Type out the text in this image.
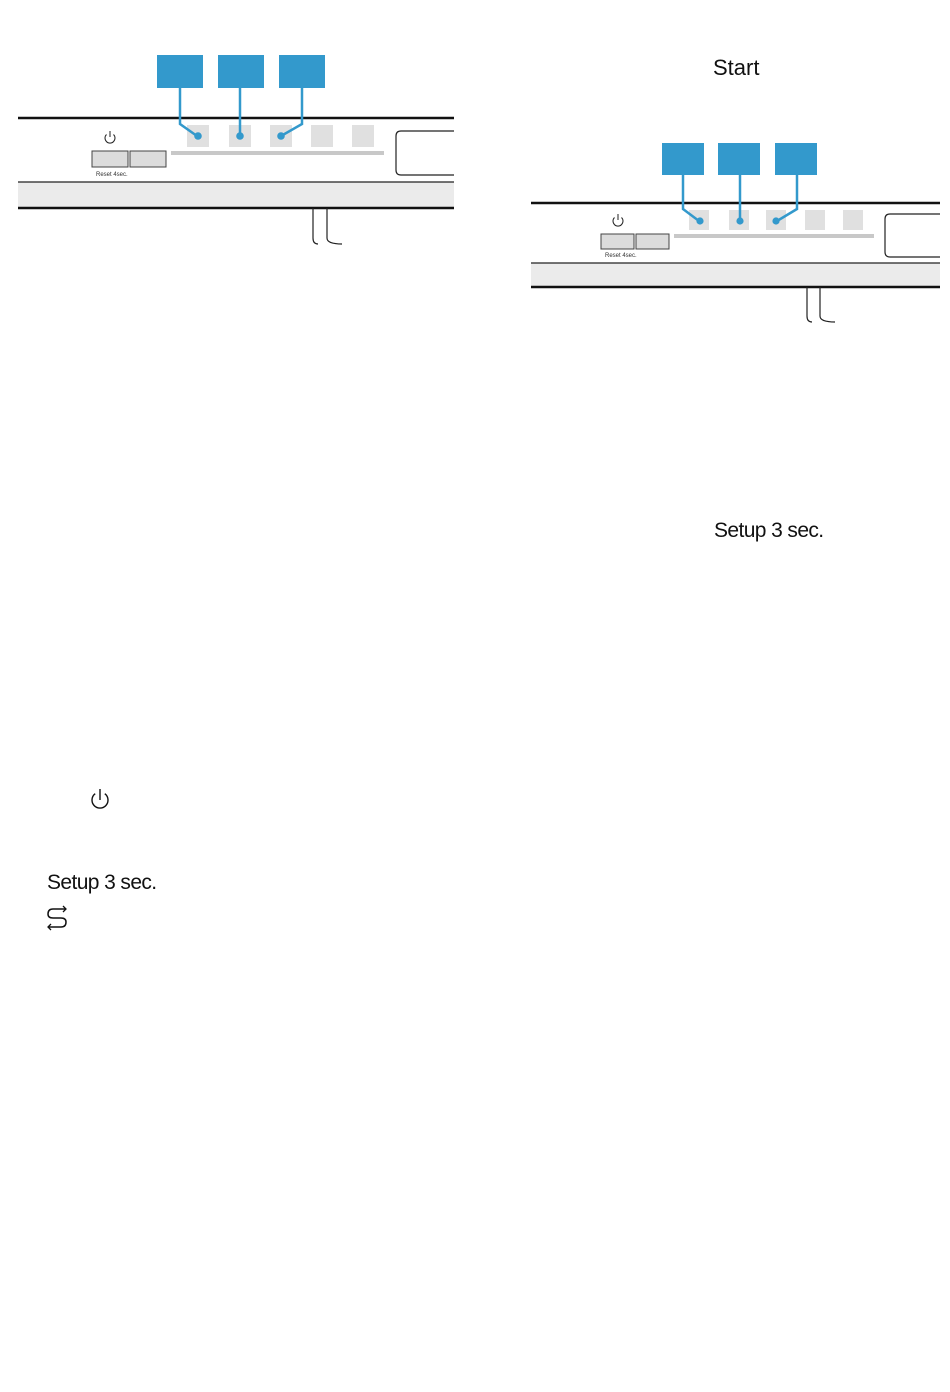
Reset 4sec.
Reset 4sec.
Start
Setup 3 sec.
Setup 3 sec.
